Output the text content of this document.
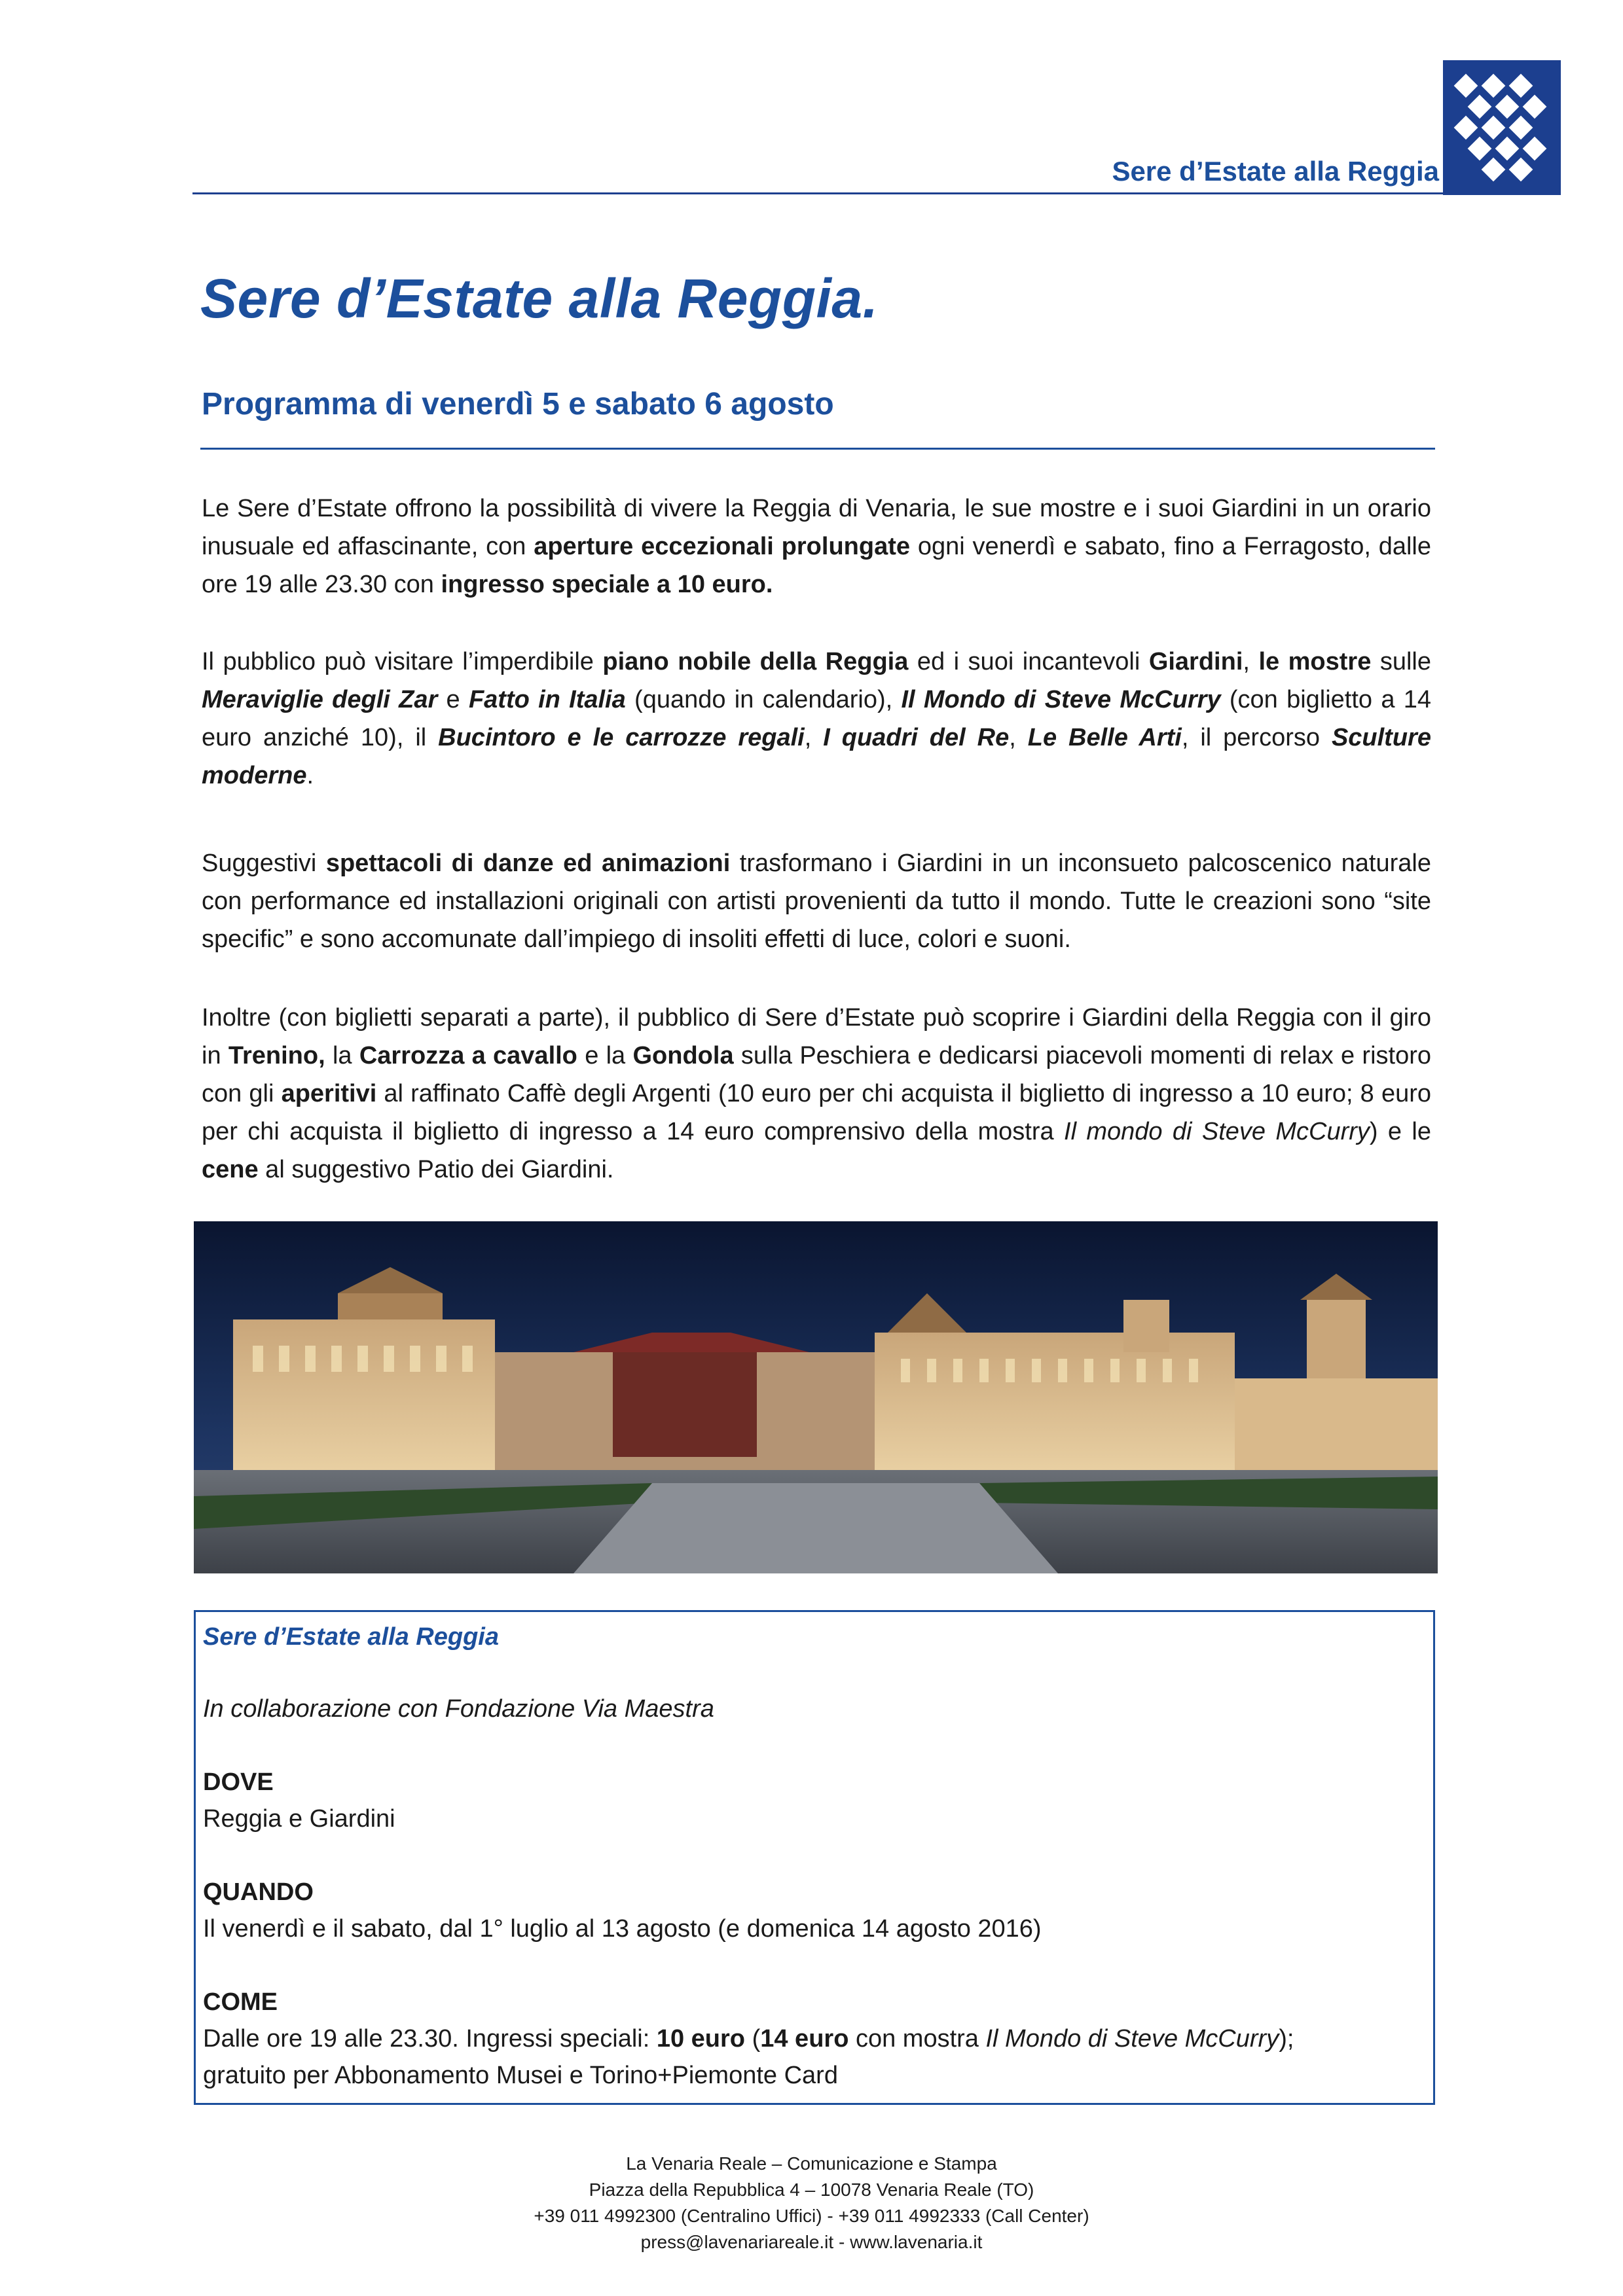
Sere d’Estate alla Reggia
Sere d’Estate alla Reggia.
Programma di venerdì 5 e sabato 6 agosto
Le Sere d’Estate offrono la possibilità di vivere la Reggia di Venaria, le sue mostre e i suoi Giardini in un orario inusuale ed affascinante, con aperture eccezionali prolungate ogni venerdì e sabato, fino a Ferragosto, dalle ore 19 alle 23.30 con ingresso speciale a 10 euro.
Il pubblico può visitare l’imperdibile piano nobile della Reggia ed i suoi incantevoli Giardini, le mostre sulle Meraviglie degli Zar e Fatto in Italia (quando in calendario), Il Mondo di Steve McCurry (con biglietto a 14 euro anziché 10), il Bucintoro e le carrozze regali, I quadri del Re, Le Belle Arti, il percorso Sculture moderne.
Suggestivi spettacoli di danze ed animazioni trasformano i Giardini in un inconsueto palcoscenico naturale con performance ed installazioni originali con artisti provenienti da tutto il mondo. Tutte le creazioni sono “site specific” e sono accomunate dall’impiego di insoliti effetti di luce, colori e suoni.
Inoltre (con biglietti separati a parte), il pubblico di Sere d’Estate può scoprire i Giardini della Reggia con il giro in Trenino, la Carrozza a cavallo e la Gondola sulla Peschiera e dedicarsi piacevoli momenti di relax e ristoro con gli aperitivi al raffinato Caffè degli Argenti (10 euro per chi acquista il biglietto di ingresso a 10 euro; 8 euro per chi acquista il biglietto di ingresso a 14 euro comprensivo della mostra Il mondo di Steve McCurry) e le cene al suggestivo Patio dei Giardini.
Sere d’Estate alla Reggia
In collaborazione con Fondazione Via Maestra
DOVE
Reggia e Giardini
QUANDO
Il venerdì e il sabato, dal 1° luglio al 13 agosto (e domenica 14 agosto 2016)
COME
Dalle ore 19 alle 23.30. Ingressi speciali: 10 euro (14 euro con mostra Il Mondo di Steve McCurry);
gratuito per Abbonamento Musei e Torino+Piemonte Card
La Venaria Reale – Comunicazione e Stampa
Piazza della Repubblica 4 – 10078 Venaria Reale (TO)
+39 011 4992300 (Centralino Uffici) - +39 011 4992333 (Call Center)
press@lavenariareale.it - www.lavenaria.it
